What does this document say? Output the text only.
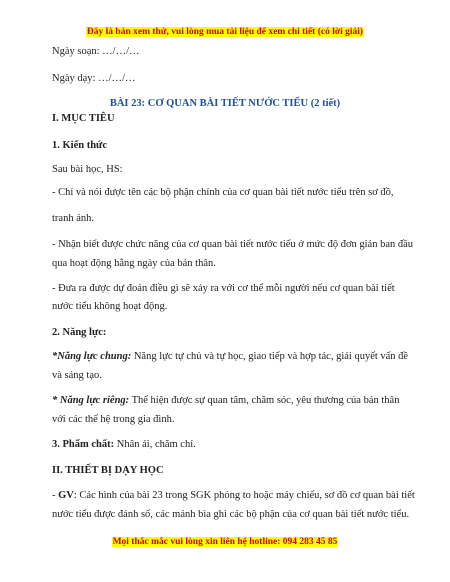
Đây là bản xem thử, vui lòng mua tài liệu để xem chi tiết (có lời giải)
Ngày soạn: …/…/…
Ngày dạy: …/…/…
BÀI 23: CƠ QUAN BÀI TIẾT NƯỚC TIỂU (2 tiết)
I. MỤC TIÊU
1. Kiến thức
Sau bài học, HS:
- Chỉ và nói được tên các bộ phận chính của cơ quan bài tiết nước tiểu trên sơ đồ,
tranh ảnh.
- Nhận biết được chức năng của cơ quan bài tiết nước tiểu ở mức độ đơn giản ban đầu
qua hoạt động hằng ngày của bản thân.
- Đưa ra được dự đoán điều gì sẽ xảy ra với cơ thể mỗi người nếu cơ quan bài tiết
nước tiểu không hoạt động.
2. Năng lực:
*Năng lực chung: Năng lực tự chủ và tự học, giao tiếp và hợp tác, giải quyết vấn đề
và sáng tạo.
* Năng lực riêng: Thể hiện được sự quan tâm, chăm sóc, yêu thương của bản thân
với các thế hệ trong gia đình.
3. Phẩm chất: Nhân ái, chăm chỉ.
II. THIẾT BỊ DẠY HỌC
- GV: Các hình của bài 23 trong SGK phóng to hoặc máy chiếu, sơ đồ cơ quan bài tiết
nước tiểu được đánh số, các mảnh bìa ghi các bộ phận của cơ quan bài tiết nước tiểu.
Mọi thắc mắc vui lòng xin liên hệ hotline: 094 283 45 85
